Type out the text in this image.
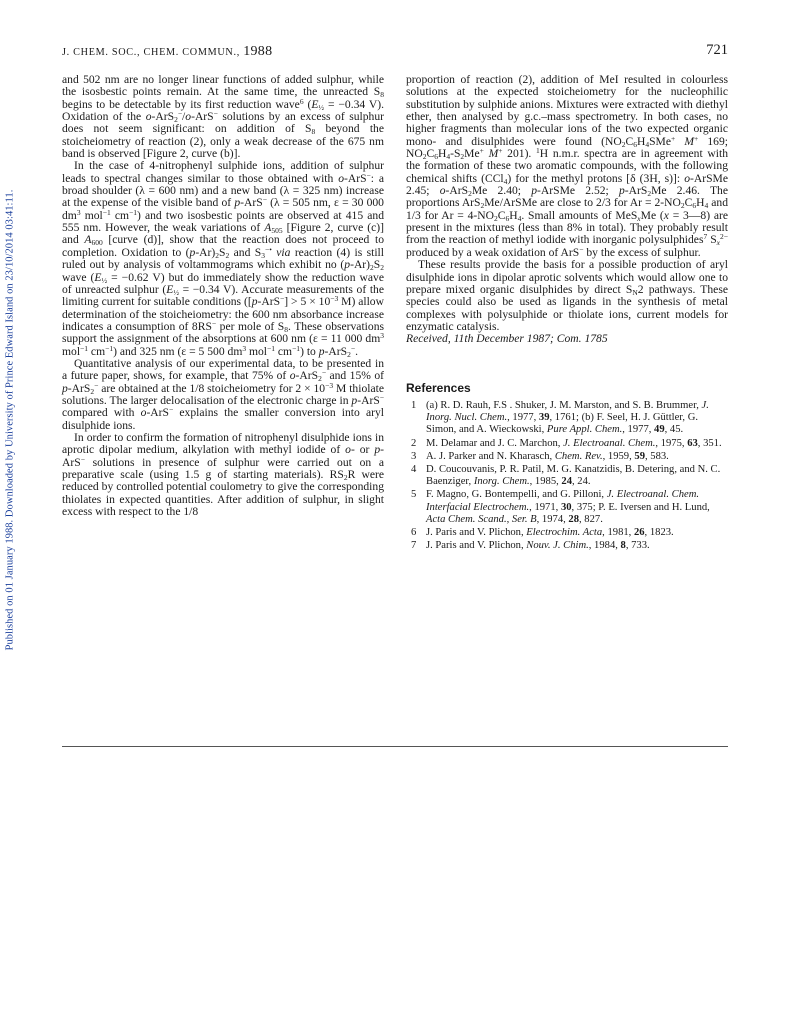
Published on 01 January 1988. Downloaded by University of Prince Edward Island on 23/10/2014 03:41:11.
J. CHEM. SOC., CHEM. COMMUN., 1988	721

and 502 nm are no longer linear functions of added sulphur, while the isosbestic points remain. At the same time, the unreacted $S_8$ begins to be detectable by its first reduction wave$^6$ ($E_{\frac{1}{2}} = -0.34$ V). Oxidation of the o-ArS$_2$−/o-ArS− solutions by an excess of sulphur does not seem significant: on addition of $S_8$ beyond the stoicheiometry of reaction (2), only a weak decrease of the 675 nm band is observed [Figure 2, curve (b)].

In the case of 4-nitrophenyl sulphide ions, addition of sulphur leads to spectral changes similar to those obtained with o-ArS−: a broad shoulder (λ = 600 nm) and a new band (λ = 325 nm) increase at the expense of the visible band of p-ArS− (λ = 505 nm, ε = 30 000 $dm^3$ mol$^{-1}$ $cm^{-1}$) and two isosbestic points are observed at 415 and 555 nm. However, the weak variations of $A_{505}$ [Figure 2, curve (c)] and $A_{600}$ [curve (d)], show that the reaction does not proceed to completion. Oxidation to $(p-Ar)_2S_2$ and $S_3^{-•}$ via reaction (4) is still ruled out by analysis of voltammograms which exhibit no $(p-Ar)_2S_2$ wave ($E_{\frac{1}{2}} = -0.62$ V) but do immediately show the reduction wave of unreacted sulphur ($E_{\frac{1}{2}} = -0.34$ V). Accurate measurements of the limiting current for suitable conditions ($[p-ArS^-] > 5 \times 10^{-3}$ M) allow determination of the stoicheiometry: the 600 nm absorbance increase indicates a consumption of 8RS− per mole of $S_8$. These observations support the assignment of the absorptions at 600 nm (ε = 11 000 $dm^3$ mol$^{-1}$ $cm^{-1}$) and 325 nm (ε = 5 500 $dm^3$ mol$^{-1}$ $cm^{-1}$) to p-ArS$_2$−.

Quantitative analysis of our experimental data, to be presented in a future paper, shows, for example, that 75% of o-ArS$_2$− and 15% of p-ArS$_2$− are obtained at the 1/8 stoicheiometry for $2 \times 10^{-3}$ M thiolate solutions. The larger delocalisation of the electronic charge in p-ArS− compared with o-ArS− explains the smaller conversion into aryl disulphide ions.

In order to confirm the formation of nitrophenyl disulphide ions in aprotic dipolar medium, alkylation with methyl iodide of o- or p-ArS− solutions in presence of sulphur were carried out on a preparative scale (using 1.5 g of starting materials). $RS_2R$ were reduced by controlled potential coulometry to give the corresponding thiolates in expected quantities. After addition of sulphur, in slight excess with respect to the 1/8

proportion of reaction (2), addition of MeI resulted in colourless solutions at the expected stoicheiometry for the nucleophilic substitution by sulphide anions. Mixtures were extracted with diethyl ether, then analysed by g.c.–mass spectrometry. In both cases, no higher fragments than molecular ions of the two expected organic mono- and disulphides were found ($NO_2C_6H_4SMe^+$ M+ 169; $NO_2C_6H_4-S_2Me^+$ M+ 201). $^1$H n.m.r. spectra are in agreement with the formation of these two aromatic compounds, with the following chemical shifts (CCl$_4$) for the methyl protons [δ (3H, s)]: o-ArSMe 2.45; o-ArS$_2$Me 2.40; p-ArSMe 2.52; p-ArS$_2$Me 2.46. The proportions ArS$_2$Me/ArSMe are close to 2/3 for $Ar = 2-NO_2C_6H_4$ and 1/3 for $Ar = 4-NO_2C_6H_4$. Small amounts of MeS$_x$Me (x = 3—8) are present in the mixtures (less than 8% in total). They probably result from the reaction of methyl iodide with inorganic polysulphides$^7$ $S_x^{2-}$ produced by a weak oxidation of ArS− by the excess of sulphur.

These results provide the basis for a possible production of aryl disulphide ions in dipolar aprotic solvents which would allow one to prepare mixed organic disulphides by direct $S_N2$ pathways. These species could also be used as ligands in the synthesis of metal complexes with polysulphide or thiolate ions, current models for enzymatic catalysis.

Received, 11th December 1987; Com. 1785

References
1 (a) R. D. Rauh, F.S . Shuker, J. M. Marston, and S. B. Brummer, J. Inorg. Nucl. Chem., 1977, 39, 1761; (b) F. Seel, H. J. Güttler, G. Simon, and A. Wieckowski, Pure Appl. Chem., 1977, 49, 45.
2 M. Delamar and J. C. Marchon, J. Electroanal. Chem., 1975, 63, 351.
3 A. J. Parker and N. Kharasch, Chem. Rev., 1959, 59, 583.
4 D. Coucouvanis, P. R. Patil, M. G. Kanatzidis, B. Detering, and N. C. Baenziger, Inorg. Chem., 1985, 24, 24.
5 F. Magno, G. Bontempelli, and G. Pilloni, J. Electroanal. Chem. Interfacial Electrochem., 1971, 30, 375; P. E. Iversen and H. Lund, Acta Chem. Scand., Ser. B, 1974, 28, 827.
6 J. Paris and V. Plichon, Electrochim. Acta, 1981, 26, 1823.
7 J. Paris and V. Plichon, Nouv. J. Chim., 1984, 8, 733.
